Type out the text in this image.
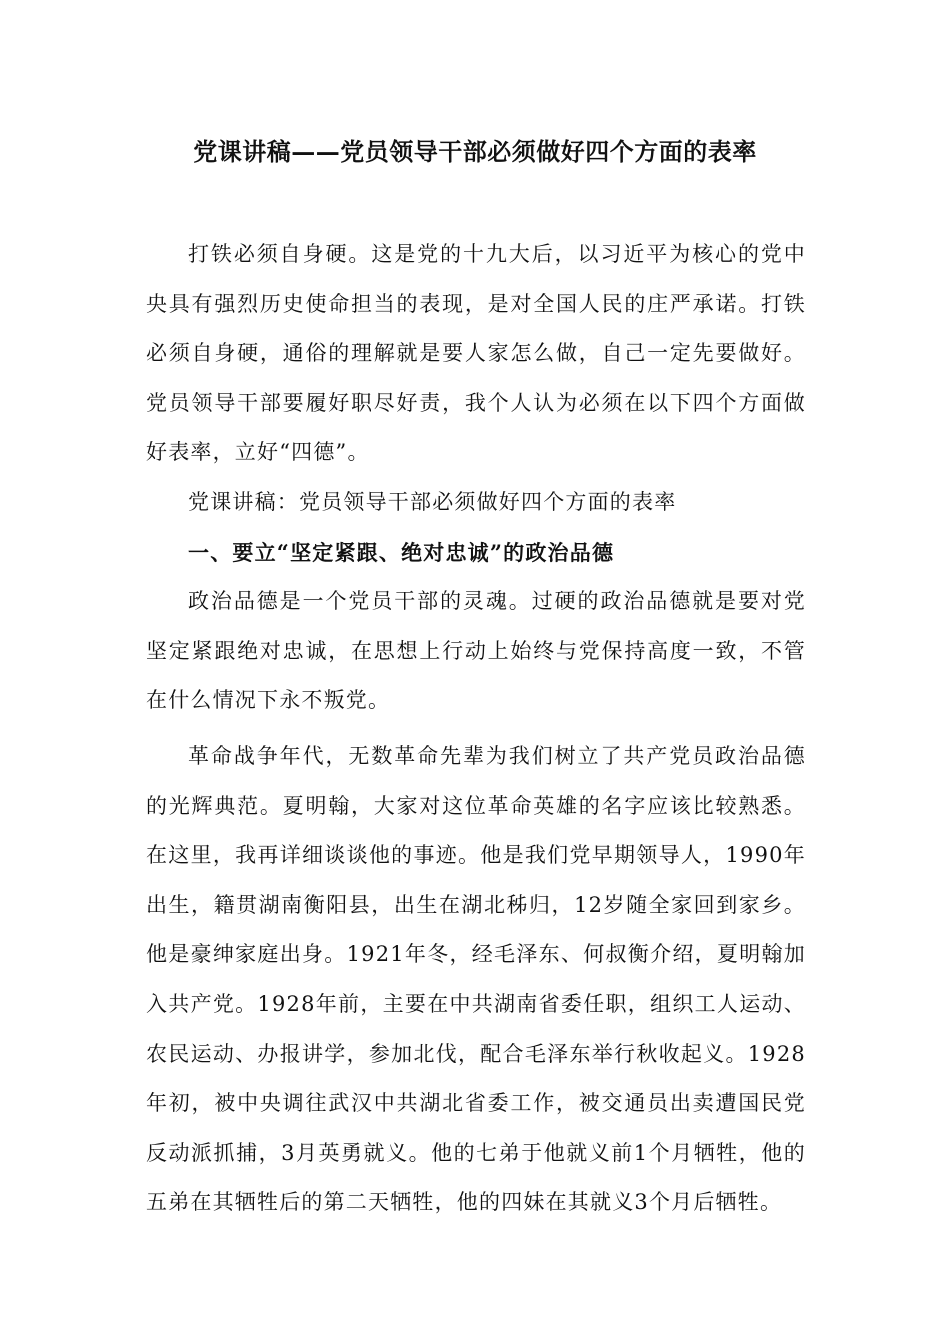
党课讲稿——党员领导干部必须做好四个方面的表率

打铁必须自身硬。这是党的十九大后，以习近平为核心的党中央具有强烈历史使命担当的表现，是对全国人民的庄严承诺。打铁必须自身硬，通俗的理解就是要人家怎么做，自己一定先要做好。党员领导干部要履好职尽好责，我个人认为必须在以下四个方面做好表率，立好“四德”。

党课讲稿：党员领导干部必须做好四个方面的表率

一、要立“坚定紧跟、绝对忠诚”的政治品德

政治品德是一个党员干部的灵魂。过硬的政治品德就是要对党坚定紧跟绝对忠诚，在思想上行动上始终与党保持高度一致，不管在什么情况下永不叛党。

革命战争年代，无数革命先辈为我们树立了共产党员政治品德的光辉典范。夏明翰，大家对这位革命英雄的名字应该比较熟悉。在这里，我再详细谈谈他的事迹。他是我们党早期领导人，1990年出生，籍贯湖南衡阳县，出生在湖北秭归，12岁随全家回到家乡。他是豪绅家庭出身。1921年冬，经毛泽东、何叔衡介绍，夏明翰加入共产党。1928年前，主要在中共湖南省委任职，组织工人运动、农民运动、办报讲学，参加北伐，配合毛泽东举行秋收起义。1928年初，被中央调往武汉中共湖北省委工作，被交通员出卖遭国民党反动派抓捕，3月英勇就义。他的七弟于他就义前1个月牺牲，他的五弟在其牺牲后的第二天牺牲，他的四妹在其就义3个月后牺牲。
